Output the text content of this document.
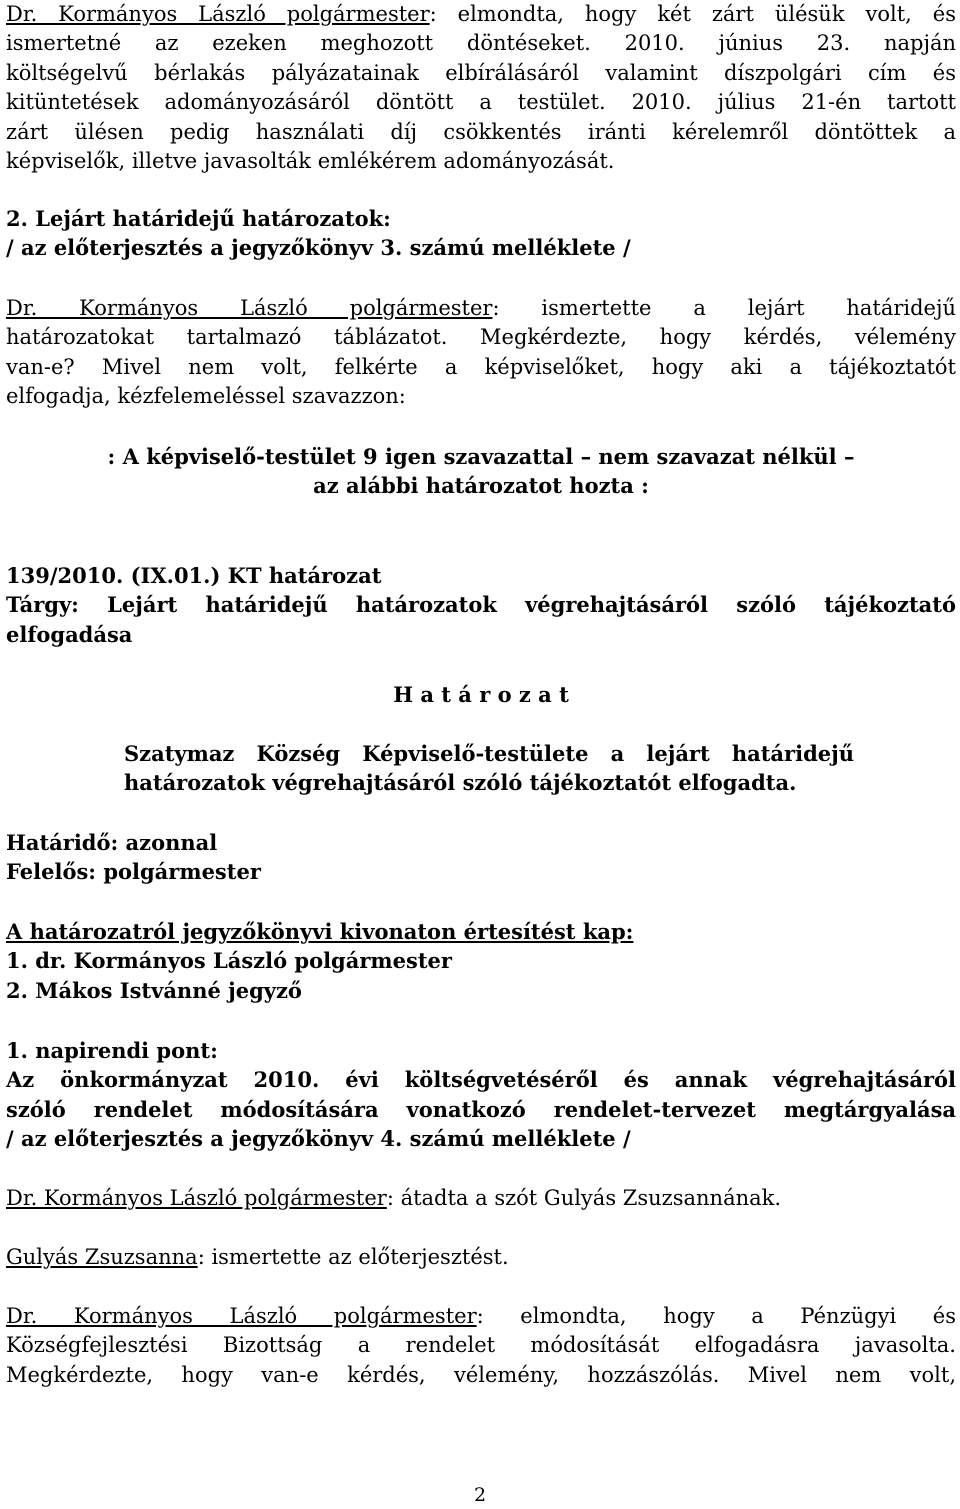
Dr. Kormányos László polgármester: elmondta, hogy két zárt ülésük volt, és
ismertetné az ezeken meghozott döntéseket. 2010. június 23. napján
költségelvű bérlakás pályázatainak elbírálásáról valamint díszpolgári cím és
kitüntetések adományozásáról döntött a testület. 2010. július 21-én tartott
zárt ülésen pedig használati díj csökkentés iránti kérelemről döntöttek a
képviselők, illetve javasolták emlékérem adományozását.
2. Lejárt határidejű határozatok:
/ az előterjesztés a jegyzőkönyv 3. számú melléklete /
Dr. Kormányos László polgármester: ismertette a lejárt határidejű
határozatokat tartalmazó táblázatot. Megkérdezte, hogy kérdés, vélemény
van-e? Mivel nem volt, felkérte a képviselőket, hogy aki a tájékoztatót
elfogadja, kézfelemeléssel szavazzon:
: A képviselő-testület 9 igen szavazattal – nem szavazat nélkül –
az alábbi határozatot hozta :
139/2010. (IX.01.) KT határozat
Tárgy: Lejárt határidejű határozatok végrehajtásáról szóló tájékoztató
elfogadása
H a t á r o z a t
Szatymaz Község Képviselő-testülete a lejárt határidejű
határozatok végrehajtásáról szóló tájékoztatót elfogadta.
Határidő: azonnal
Felelős: polgármester
A határozatról jegyzőkönyvi kivonaton értesítést kap:
1. dr. Kormányos László polgármester
2. Mákos Istvánné jegyző
1. napirendi pont:
Az önkormányzat 2010. évi költségvetéséről és annak végrehajtásáról
szóló rendelet módosítására vonatkozó rendelet-tervezet megtárgyalása
/ az előterjesztés a jegyzőkönyv 4. számú melléklete /
Dr. Kormányos László polgármester: átadta a szót Gulyás Zsuzsannának.
Gulyás Zsuzsanna: ismertette az előterjesztést.
Dr. Kormányos László polgármester: elmondta, hogy a Pénzügyi és
Községfejlesztési Bizottság a rendelet módosítását elfogadásra javasolta.
Megkérdezte, hogy van-e kérdés, vélemény, hozzászólás. Mivel nem volt,
2
